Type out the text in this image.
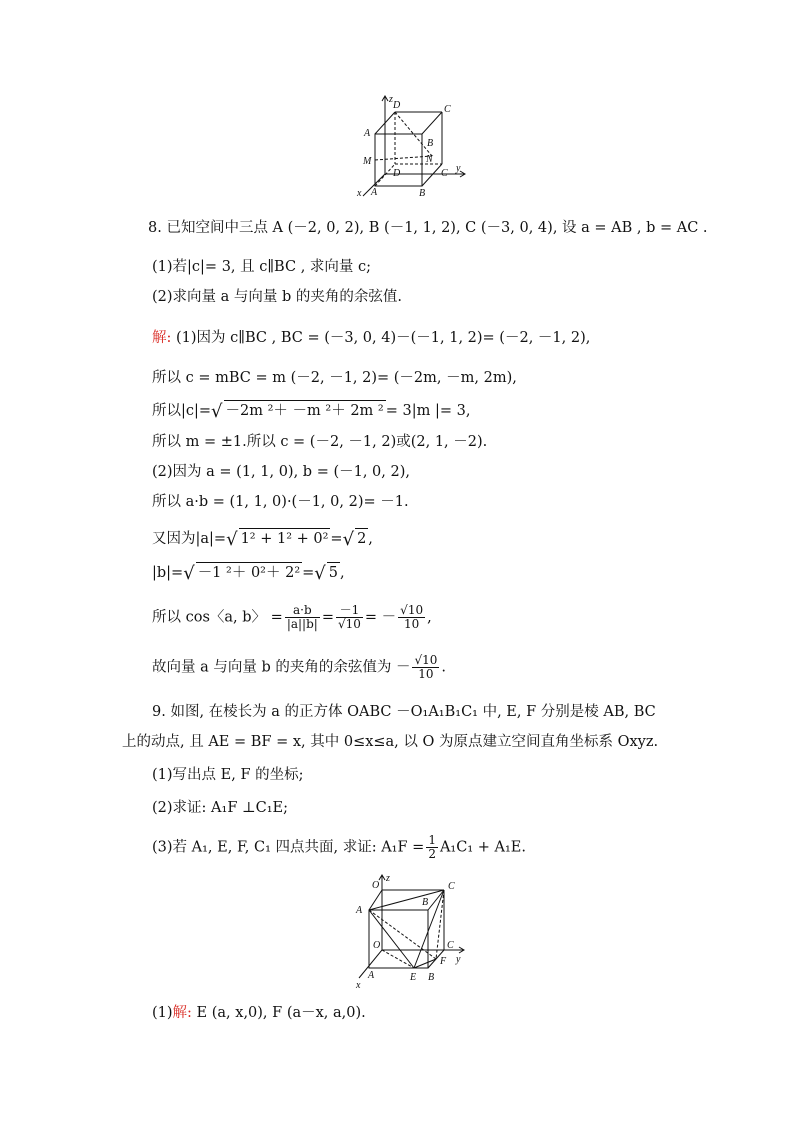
z
D	C
A
B
M	N
D	C y
x A	B
8. 已知空间中三点 A (－2, 0, 2), B (－1, 1, 2), C (－3, 0, 4), 设 a = AB , b = AC .
(1)若|c|= 3, 且 c∥BC , 求向量 c;
(2)求向量 a 与向量 b 的夹角的余弦值.
解: (1)因为 c∥BC , BC = (－3, 0, 4)－(－1, 1, 2)= (－2, －1, 2),
所以 c = mBC = m (－2, －1, 2)= (－2m, －m, 2m),
所以|c|=√ －2m ²＋ －m ²＋ 2m ² = 3|m |= 3,
所以 m = ±1.所以 c = (－2, －1, 2)或(2, 1, －2).
(2)因为 a = (1, 1, 0), b = (－1, 0, 2),
所以 a·b = (1, 1, 0)·(－1, 0, 2)= －1.
又因为|a|=√ 1² + 1² + 0² =√ 2 ,
|b|=√ －1 ²＋ 0²＋ 2² =√ 5 ,
所以 cos〈a, b〉 = $\frac{a\cdot b}{|a||b|} = \frac{-1}{√10}$ = － $\frac{√10}{10}$ ,
故向量 a 与向量 b 的夹角的余弦值为 － $\frac{√10}{10}$ .
9. 如图, 在棱长为 a 的正方体 OABC －O₁A₁B₁C₁ 中, E, F 分别是棱 AB, BC
上的动点, 且 AE = BF = x, 其中 0≤x≤a, 以 O 为原点建立空间直角坐标系 Oxyz.
(1)写出点 E, F 的坐标;
(2)求证: A₁F ⊥C₁E;
(3)若 A₁, E, F, C₁ 四点共面, 求证: $A_1F = \frac{1}{2} A_1C_1 + A_1E$.
z
O	C
B
A
O	C
y
F
E B
A
x
(1)解: E (a, x,0), F (a－x, a,0).
